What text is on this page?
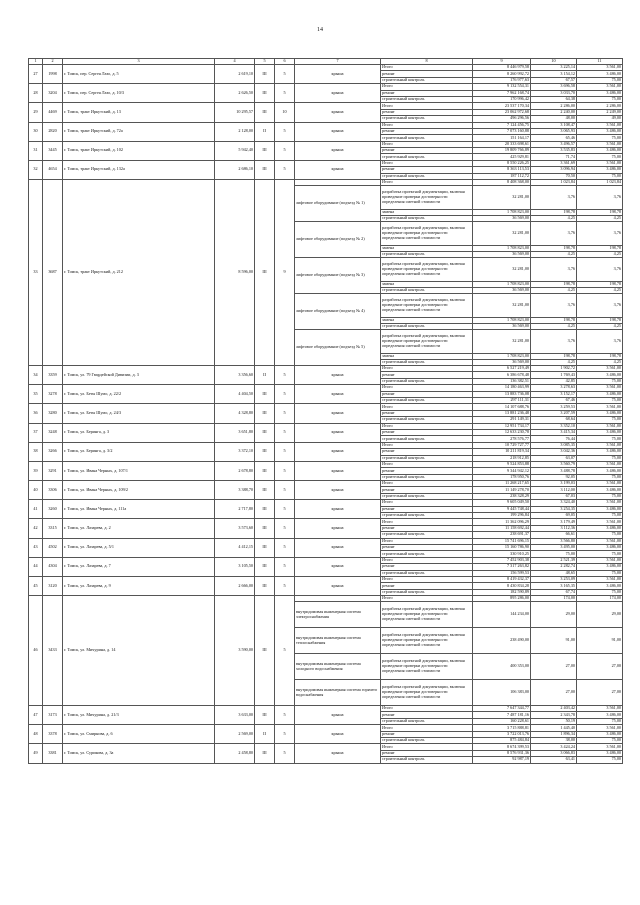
14
1	2	3	4	5	6	7	8	9	10	11
27	1998	г. Томск, пер. Сергея Лазо, д. 5	2 619,10	III	5	крыша	Итого	8 446 979,58	3 225,14	3 561,00
							ремонт	8 260 992,72	3 154,12	3 486,00
							строительный контроль	176 977,63	67,57	75,00
28	3204	г. Томск, пер. Сергея Лазо, д. 10/3	2 626,50	III	5	крыша	Итого	9 132 554,31	3 696,58	3 561,00
							ремонт	7 962 168,74	3 033,70	3 486,00
							строительный контроль	170 996,42	64,38	75,00
29	4469	г. Томск, тракт Иркутский, д. 13	10 295,57	III	10	крыша	Итого	23 537 170,34	2 286,00	2 286,00
							ремонт	23 062 972,68	2 240,00	2 249,00
							строительный контроль	496 296,56	48,00	49,00
30	2820	г. Томск, тракт Иркутский, д. 72а	2 128,00	II	5	крыша	Итого	7 124 456,75	3 108,47	3 561,00
							ремонт	7 073 160,88	3 065,93	3 486,00
							строительный контроль	151 164,17	65,46	75,00
31	3445	г. Томск, тракт Иркутский, д. 102	5 942,40	III	5	крыша	Итого	20 333 698,61	3 496,57	3 561,00
							ремонт	19 809 766,89	3 535,83	3 486,00
							строительный контроль	425 929,81	71,74	75,00
32	4654	г. Томск, тракт Иркутский, д. 132а	2 686,10	III	5	крыша	Итого	8 550 226,25	3 361,69	3 561,00
							ремонт	8 363 113,53	3 096,94	3 486,00
							строительный контроль	187 112,72	70,50	75,00
33	3687	г. Томск, тракт Иркутский, д. 212	8 596,00	III	9		Итого	8 408 368,00	1 023,84	1 023,84
						лифтовое оборудование (подъезд № 1)	разработка проектной документации, включая проведение проверки достоверности определения сметной стоимости	32 281,00	3,76	3,76
							замена	1 708 823,00	198,78	198,78
							строительный контроль	36 569,00	4,25	4,25
						лифтовое оборудование (подъезд № 2)	разработка проектной документации, включая проведение проверки достоверности определения сметной стоимости	32 281,00	3,76	3,76
							замена	1 708 823,00	198,78	198,78
							строительный контроль	36 569,00	4,25	4,25
						лифтовое оборудование (подъезд № 3)	разработка проектной документации, включая проведение проверки достоверности определения сметной стоимости	32 281,00	3,76	3,76
							замена	1 708 823,00	198,78	198,78
							строительный контроль	36 569,00	4,25	4,25
						лифтовое оборудование (подъезд № 4)	разработка проектной документации, включая проведение проверки достоверности определения сметной стоимости	32 281,00	3,76	3,76
							замена	1 708 823,00	198,78	198,78
							строительный контроль	36 569,00	4,25	4,25
						лифтовое оборудование (подъезд № 5)	разработка проектной документации, включая проведение проверки достоверности определения сметной стоимости	32 281,00	3,76	3,76
							замена	1 708 823,00	198,78	198,78
							строительный контроль	36 569,00	4,25	4,25
34	3359	г. Томск, ул. 79 Гвардейской Дивизии, д. 3	3 356,60	II	5	крыша	Итого	6 527 219,49	1 902,72	3 561,00
							ремонт	6 386 678,48	1 769,43	3 486,00
							строительный контроль	136 382,51	42,85	75,00
35	3278	г. Томск, ул. Беты Шумо, д. 22/2	4 404,50	III	5	крыша	Итого	14 180 463,99	3 278,63	3 561,00
							ремонт	13 883 736,08	3 152,17	3 486,00
							строительный контроль	297 111,31	67,46	75,00
36	3280	г. Томск, ул. Беты Шумо, д. 24/3	4 328,80	III	5	крыша	Итого	14 107 688,76	3 259,53	3 561,00
							ремонт	13 881 236,48	3 207,59	3 486,00
							строительный контроль	291 149,31	68,64	75,00
37	3248	г. Томск, ул. Беринга, д. 3	3 651,80	III	5	крыша	Итого	12 951 734,17	3 352,10	3 561,00
							ремонт	12 633 230,78	3 415,34	3 486,00
							строительный контроль	278 576,77	76,44	75,00
38	3266	г. Томск, ул. Беринга, д. 3/2	3 372,10	III	5	крыша	Итого	10 729 727,77	3 085,35	3 561,00
							ремонт	10 211 819,34	3 042,36	3 486,00
							строительный контроль	218 912,85	63,07	75,00
39	3291	г. Томск, ул. Ивана Черных, д. 107/1	2 678,80	III	5	крыша	Итого	9 524 853,88	3 560,79	3 561,00
							ремонт	9 344 942,12	3 488,78	3 486,00
							строительный контроль	178 950,76	92,05	75,00
40	3306	г. Томск, ул. Ивана Черных, д. 109/2	3 388,70	III	5	крыша	Итого	11 268 217,65	3 199,03	3 561,00
							ремонт	11 149 278,70	3 112,00	3 486,00
							строительный контроль	238 328,29	67,03	75,00
41	3260	г. Томск, ул. Ивана Черных, д. 111а	2 717,80	III	5	крыша	Итого	9 605 049,50	3 324,40	3 561,00
							ремонт	9 445 748,44	3 254,35	3 486,00
							строительный контроль	199 296,84	69,05	75,00
42	3315	г. Томск, ул. Лазарева, д. 2	3 573,60	III	5	крыша	Итого	11 362 096,29	3 179,49	3 561,00
							ремонт	11 158 692,44	3 112,36	3 486,00
							строительный контроль	238 691,37	66,61	75,00
43	4502	г. Томск, ул. Лазарева, д. 5/1	4 412,15	III	5	крыша	Итого	15 741 696,15	3 566,80	3 561,00
							ремонт	15 160 786,90	3 495,00	3 486,00
							строительный контроль	330 910,25	75,00	75,00
44	4304	г. Томск, ул. Лазарева, д. 7	3 105,50	III	5	крыша	Итого	7 452 903,38	2 521,39	3 561,00
							ремонт	7 317 263,82	2 282,74	3 486,00
							строительный контроль	156 599,53	48,65	75,00
45	3120	г. Томск, ул. Лазарева, д. 9	2 666,00	III	5	крыша	Итого	8 419 432,37	3 253,09	3 561,00
							ремонт	8 430 834,28	3 165,35	3 486,00
							строительный контроль	182 590,89	67,74	75,00
46	3433	г. Томск, ул. Мичурина, д. 14	3 590,00	III	5		Итого	895 286,00	174,00	174,00
						внутридомовая инженерная система электроснабжения	разработка проектной документации, включая проведение проверки достоверности определения сметной стоимости	144 234,00	29,00	29,00
						внутридомовая инженерная система теплоснабжения	разработка проектной документации, включая проведение проверки достоверности определения сметной стоимости	238 490,00	91,00	91,00
						внутридомовая инженерная система холодного водоснабжения	разработка проектной документации, включая проведение проверки достоверности определения сметной стоимости	400 353,00	27,00	27,00
						внутридомовая инженерная система горячего водоснабжения	разработка проектной документации, включая проведение проверки достоверности определения сметной стоимости	106 383,00	27,00	27,00
47	3173	г. Томск, ул. Мичурина, д. 21/3	3 633,00	III	5	крыша	Итого	7 647 344,77	2 403,42	3 561,00
							ремонт	7 487 181,16	2 343,78	3 486,00
							строительный контроль	160 228,61	50,19	75,00
48	3378	г. Томск, ул. Смирнова, д. 6	2 569,00	II	5	крыша	Итого	3 715 888,81	1 445,40	3 561,00
							ремонт	3 722 013,76	1 896,34	3 486,00
							строительный контроль	875 484,84	38,00	75,00
49	3381	г. Томск, ул. Сурикова, д. 3а	2 458,80	III	5	крыша	Итого	8 674 399,53	3 424,24	3 561,00
							ремонт	8 576 931,36	3 066,83	3 486,00
							строительный контроль	92 987,19	63,41	75,00
